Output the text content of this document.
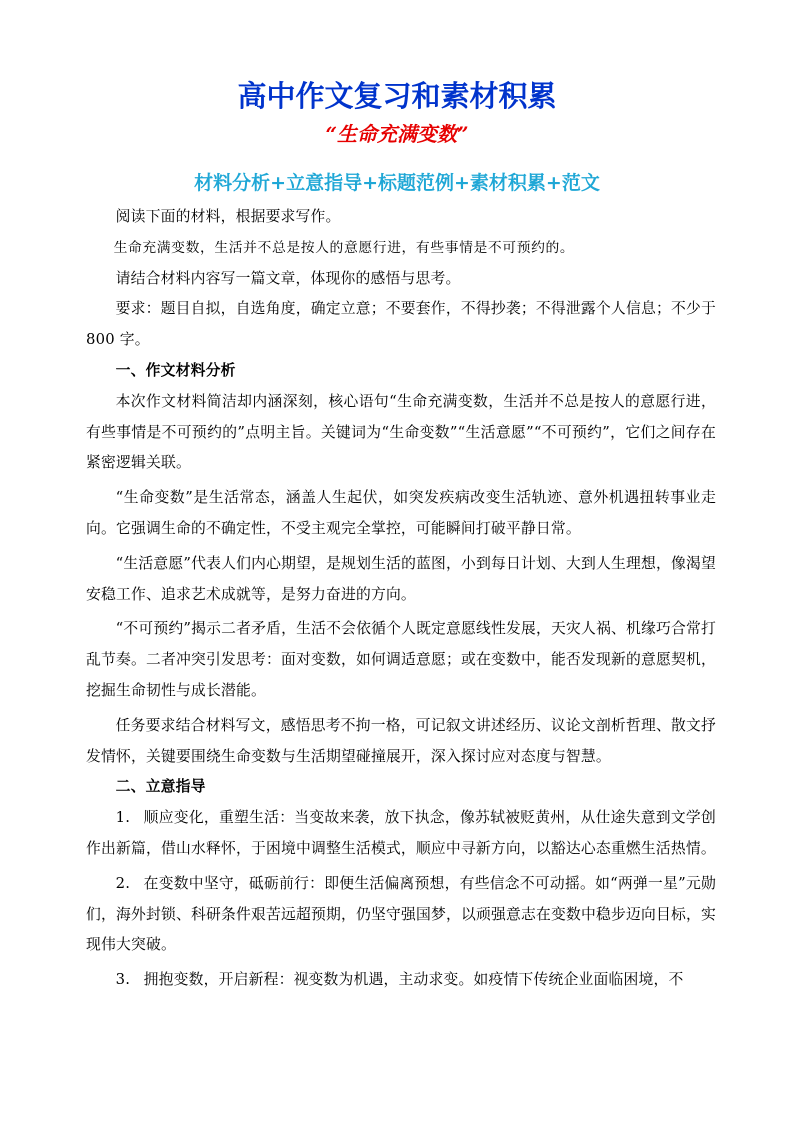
高中作文复习和素材积累
“生命充满变数”
材料分析+立意指导+标题范例+素材积累+范文

阅读下面的材料，根据要求写作。

生命充满变数，生活并不总是按人的意愿行进，有些事情是不可预约的。

请结合材料内容写一篇文章，体现你的感悟与思考。

要求：题目自拟，自选角度，确定立意；不要套作，不得抄袭；不得泄露个人信息；不少于 800 字。

一、作文材料分析

本次作文材料简洁却内涵深刻，核心语句“生命充满变数，生活并不总是按人的意愿行进，有些事情是不可预约的”点明主旨。关键词为“生命变数”“生活意愿”“不可预约”，它们之间存在紧密逻辑关联。

“生命变数”是生活常态，涵盖人生起伏，如突发疾病改变生活轨迹、意外机遇扭转事业走向。它强调生命的不确定性，不受主观完全掌控，可能瞬间打破平静日常。

“生活意愿”代表人们内心期望，是规划生活的蓝图，小到每日计划、大到人生理想，像渴望安稳工作、追求艺术成就等，是努力奋进的方向。

“不可预约”揭示二者矛盾，生活不会依循个人既定意愿线性发展，天灾人祸、机缘巧合常打乱节奏。二者冲突引发思考：面对变数，如何调适意愿；或在变数中，能否发现新的意愿契机，挖掘生命韧性与成长潜能。

任务要求结合材料写文，感悟思考不拘一格，可记叙文讲述经历、议论文剖析哲理、散文抒发情怀，关键要围绕生命变数与生活期望碰撞展开，深入探讨应对态度与智慧。

二、立意指导

1. 顺应变化，重塑生活：当变故来袭，放下执念，像苏轼被贬黄州，从仕途失意到文学创作出新篇，借山水释怀，于困境中调整生活模式，顺应中寻新方向，以豁达心态重燃生活热情。

2. 在变数中坚守，砥砺前行：即便生活偏离预想，有些信念不可动摇。如“两弹一星”元勋们，海外封锁、科研条件艰苦远超预期，仍坚守强国梦，以顽强意志在变数中稳步迈向目标，实现伟大突破。

3. 拥抱变数，开启新程：视变数为机遇，主动求变。如疫情下传统企业面临困境，不
